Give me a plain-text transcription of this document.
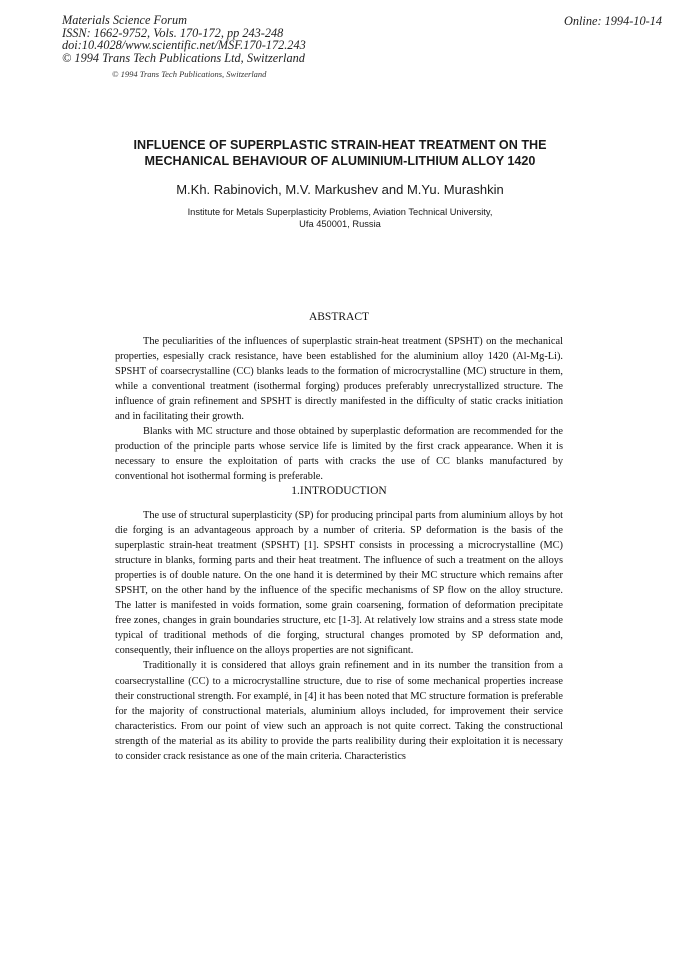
Materials Science Forum
ISSN: 1662-9752, Vols. 170-172, pp 243-248
doi:10.4028/www.scientific.net/MSF.170-172.243
© 1994 Trans Tech Publications Ltd, Switzerland
Online: 1994-10-14
© 1994 Trans Tech Publications, Switzerland
INFLUENCE OF SUPERPLASTIC STRAIN-HEAT TREATMENT ON THE
MECHANICAL BEHAVIOUR OF ALUMINIUM-LITHIUM ALLOY 1420
M.Kh. Rabinovich, M.V. Markushev and M.Yu. Murashkin
Institute for Metals Superplasticity Problems, Aviation Technical University,
Ufa 450001, Russia
ABSTRACT

The peculiarities of the influences of superplastic strain-heat treatment (SPSHT) on the mechanical properties, espesially crack resistance, have been established for the aluminium alloy 1420 (Al-Mg-Li). SPSHT of coarsecrystalline (CC) blanks leads to the formation of microcrystalline (MC) structure in them, while a conventional treatment (isothermal forging) produces preferably unrecrystallized structure. The influence of grain refinement and SPSHT is directly manifested in the difficulty of static cracks initiation and in facilitating their growth.

Blanks with MC structure and those obtained by superplastic deformation are recommended for the production of the principle parts whose service life is limited by the first crack appearance. When it is necessary to ensure the exploitation of parts with cracks the use of CC blanks manufactured by conventional hot isothermal forming is preferable.

1.INTRODUCTION

The use of structural superplasticity (SP) for producing principal parts from aluminium alloys by hot die forging is an advantageous approach by a number of criteria. SP deformation is the basis of the superplastic strain-heat treatment (SPSHT) [1]. SPSHT consists in processing a microcrystalline (MC) structure in blanks, forming parts and their heat treatment. The influence of such a treatment on the alloys properties is of double nature. On the one hand it is determined by their MC structure which remains after SPSHT, on the other hand by the influence of the specific mechanisms of SP flow on the alloy structure. The latter is manifested in voids formation, some grain coarsening, formation of deformation precipitate free zones, changes in grain boundaries structure, etc [1-3]. At relatively low strains and a stress state mode typical of traditional methods of die forging, structural changes promoted by SP deformation and, consequently, their influence on the alloys properties are not significant.

Traditionally it is considered that alloys grain refinement and in its number the transition from a coarsecrystalline (CC) to a microcrystalline structure, due to rise of some mechanical properties increase their constructional strength. For examplé, in [4] it has been noted that MC structure formation is preferable for the majority of constructional materials, aluminium alloys included, for improvement their service characteristics. From our point of view such an approach is not quite correct. Taking the constructional strength of the material as its ability to provide the parts realibility during their exploitation it is necessary to consider crack resistance as one of the main criteria. Characteristics
